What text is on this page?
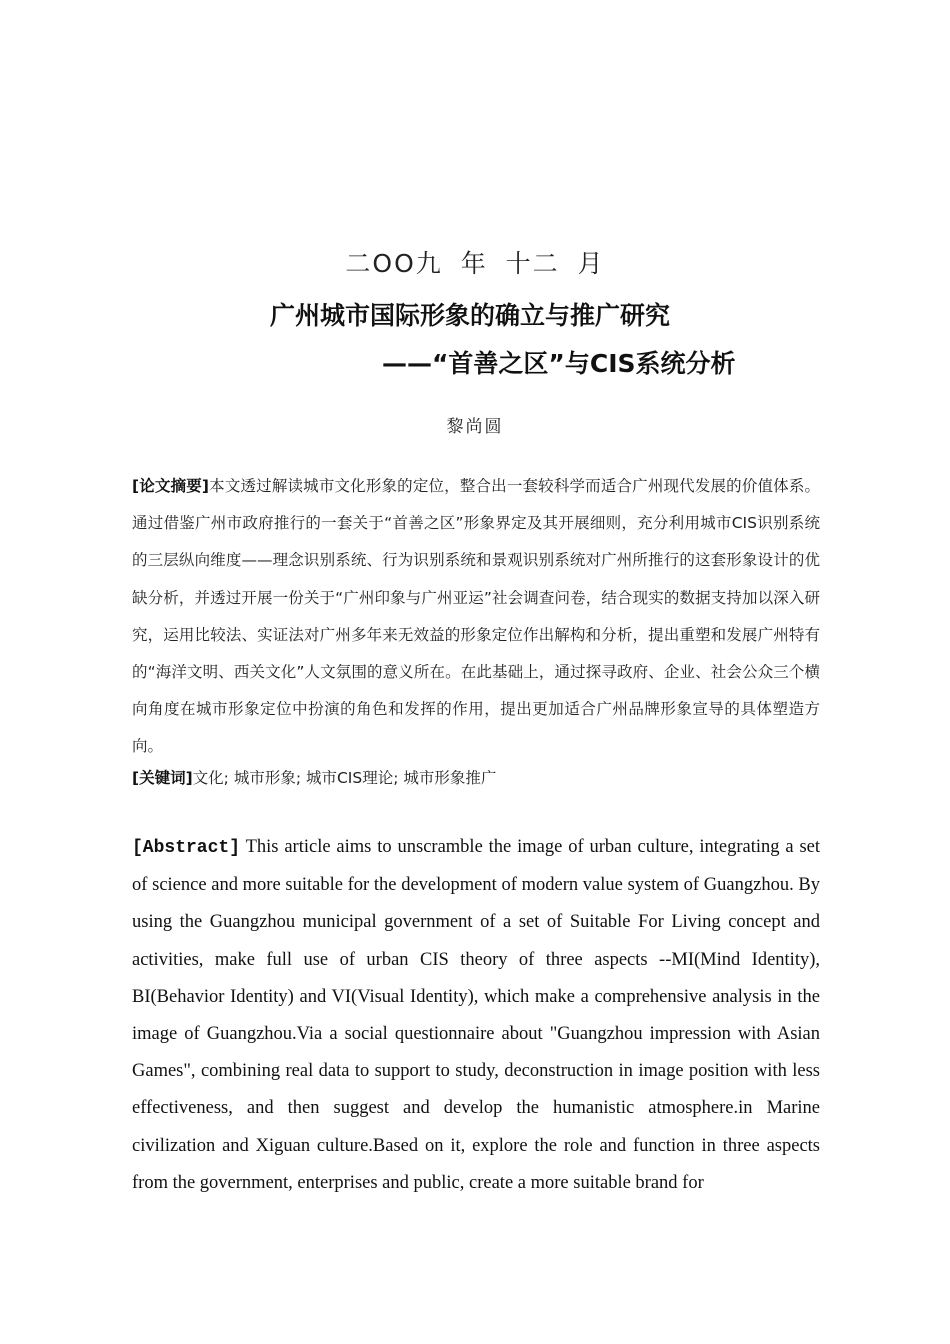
二OO九 年 十二 月
广州城市国际形象的确立与推广研究
——“首善之区”与CIS系统分析
黎尚圆

[论文摘要]本文透过解读城市文化形象的定位，整合出一套较科学而适合广州现代发展的价值体系。通过借鉴广州市政府推行的一套关于“首善之区”形象界定及其开展细则，充分利用城市CIS识别系统的三层纵向维度——理念识别系统、行为识别系统和景观识别系统对广州所推行的这套形象设计的优缺分析，并透过开展一份关于“广州印象与广州亚运”社会调查问卷，结合现实的数据支持加以深入研究，运用比较法、实证法对广州多年来无效益的形象定位作出解构和分析，提出重塑和发展广州特有的“海洋文明、西关文化”人文氛围的意义所在。在此基础上，通过探寻政府、企业、社会公众三个横向角度在城市形象定位中扮演的角色和发挥的作用，提出更加适合广州品牌形象宣导的具体塑造方向。

[关键词]文化; 城市形象; 城市CIS理论; 城市形象推广

[Abstract] This article aims to unscramble the image of urban culture, integrating a set of science and more suitable for the development of modern value system of Guangzhou. By using the Guangzhou municipal government of a set of Suitable For Living concept and activities, make full use of urban CIS theory of three aspects --MI(Mind Identity), BI(Behavior Identity) and VI(Visual Identity), which make a comprehensive analysis in the image of Guangzhou.Via a social questionnaire about "Guangzhou impression with Asian Games", combining real data to support to study, deconstruction in image position with less effectiveness, and then suggest and develop the humanistic atmosphere.in Marine civilization and Xiguan culture.Based on it, explore the role and function in three aspects from the government, enterprises and public, create a more suitable brand for
